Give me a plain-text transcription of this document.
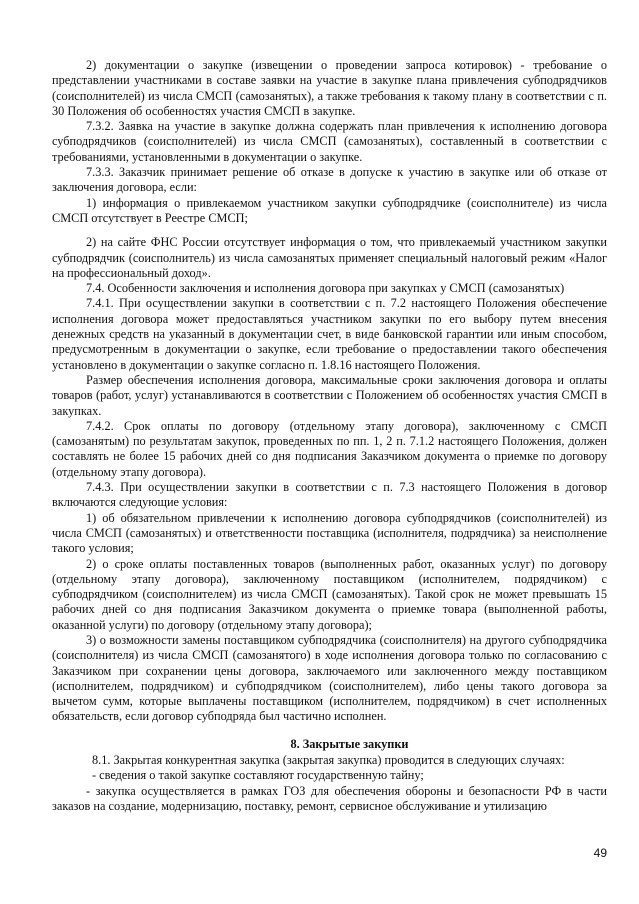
2) документации о закупке (извещении о проведении запроса котировок) - требование о представлении участниками в составе заявки на участие в закупке плана привлечения субподрядчиков (соисполнителей) из числа СМСП (самозанятых), а также требования к такому плану в соответствии с п. 30 Положения об особенностях участия СМСП в закупке.

7.3.2. Заявка на участие в закупке должна содержать план привлечения к исполнению договора субподрядчиков (соисполнителей) из числа СМСП (самозанятых), составленный в соответствии с требованиями, установленными в документации о закупке.

7.3.3. Заказчик принимает решение об отказе в допуске к участию в закупке или об отказе от заключения договора, если:

1) информация о привлекаемом участником закупки субподрядчике (соисполнителе) из числа СМСП отсутствует в Реестре СМСП;

2) на сайте ФНС России отсутствует информация о том, что привлекаемый участником закупки субподрядчик (соисполнитель) из числа самозанятых применяет специальный налоговый режим «Налог на профессиональный доход».

7.4. Особенности заключения и исполнения договора при закупках у СМСП (самозанятых)

7.4.1. При осуществлении закупки в соответствии с п. 7.2 настоящего Положения обеспечение исполнения договора может предоставляться участником закупки по его выбору путем внесения денежных средств на указанный в документации счет, в виде банковской гарантии или иным способом, предусмотренным в документации о закупке, если требование о предоставлении такого обеспечения установлено в документации о закупке согласно п. 1.8.16 настоящего Положения.

Размер обеспечения исполнения договора, максимальные сроки заключения договора и оплаты товаров (работ, услуг) устанавливаются в соответствии с Положением об особенностях участия СМСП в закупках.

7.4.2. Срок оплаты по договору (отдельному этапу договора), заключенному с СМСП (самозанятым) по результатам закупок, проведенных по пп. 1, 2 п. 7.1.2 настоящего Положения, должен составлять не более 15 рабочих дней со дня подписания Заказчиком документа о приемке по договору (отдельному этапу договора).

7.4.3. При осуществлении закупки в соответствии с п. 7.3 настоящего Положения в договор включаются следующие условия:

1) об обязательном привлечении к исполнению договора субподрядчиков (соисполнителей) из числа СМСП (самозанятых) и ответственности поставщика (исполнителя, подрядчика) за неисполнение такого условия;

2) о сроке оплаты поставленных товаров (выполненных работ, оказанных услуг) по договору (отдельному этапу договора), заключенному поставщиком (исполнителем, подрядчиком) с субподрядчиком (соисполнителем) из числа СМСП (самозанятых). Такой срок не может превышать 15 рабочих дней со дня подписания Заказчиком документа о приемке товара (выполненной работы, оказанной услуги) по договору (отдельному этапу договора);

3) о возможности замены поставщиком субподрядчика (соисполнителя) на другого субподрядчика (соисполнителя) из числа СМСП (самозанятого) в ходе исполнения договора только по согласованию с Заказчиком при сохранении цены договора, заключаемого или заключенного между поставщиком (исполнителем, подрядчиком) и субподрядчиком (соисполнителем), либо цены такого договора за вычетом сумм, которые выплачены поставщиком (исполнителем, подрядчиком) в счет исполненных обязательств, если договор субподряда был частично исполнен.

8. Закрытые закупки

8.1. Закрытая конкурентная закупка (закрытая закупка) проводится в следующих случаях:

- сведения о такой закупке составляют государственную тайну;

- закупка осуществляется в рамках ГОЗ для обеспечения обороны и безопасности РФ в части заказов на создание, модернизацию, поставку, ремонт, сервисное обслуживание и утилизацию

49
